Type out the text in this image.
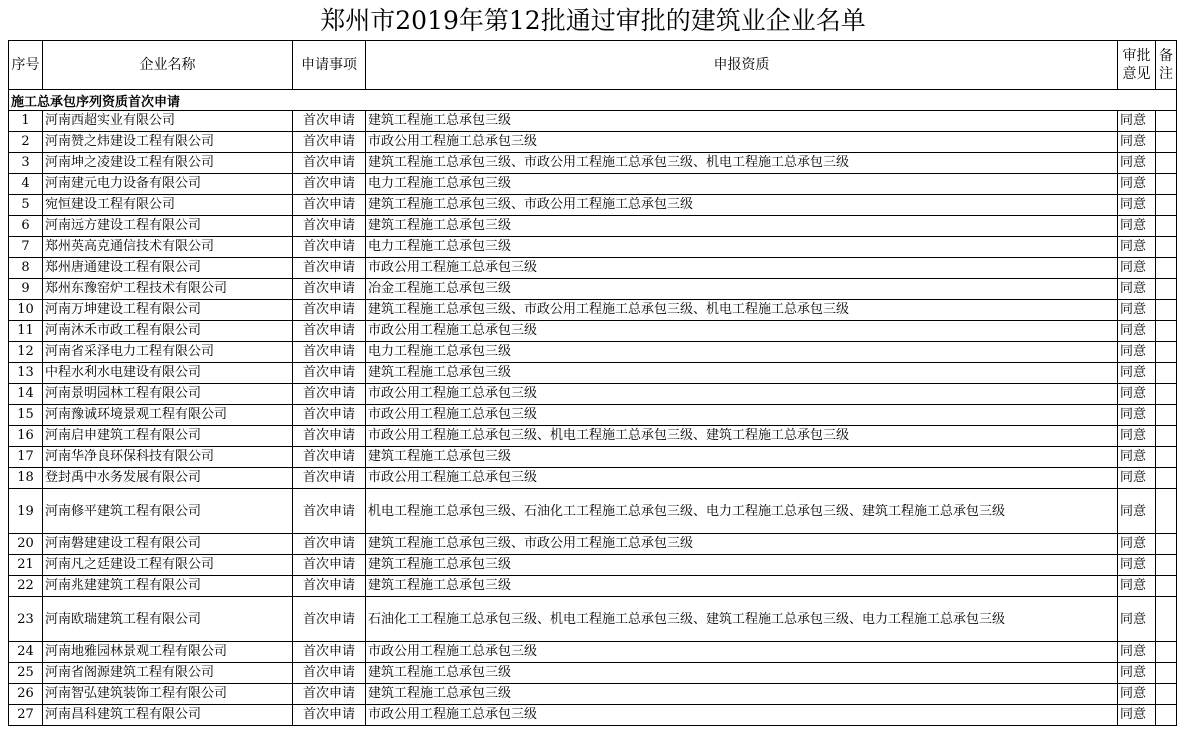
郑州市2019年第12批通过审批的建筑业企业名单
序号	企业名称	申请事项	申报资质	审批意见	备注
施工总承包序列资质首次申请					
1	河南西超实业有限公司	首次申请	建筑工程施工总承包三级	同意	
2	河南赞之炜建设工程有限公司	首次申请	市政公用工程施工总承包三级	同意	
3	河南坤之凌建设工程有限公司	首次申请	建筑工程施工总承包三级、市政公用工程施工总承包三级、机电工程施工总承包三级	同意	
4	河南建元电力设备有限公司	首次申请	电力工程施工总承包三级	同意	
5	宛恒建设工程有限公司	首次申请	建筑工程施工总承包三级、市政公用工程施工总承包三级	同意	
6	河南远方建设工程有限公司	首次申请	建筑工程施工总承包三级	同意	
7	郑州英高克通信技术有限公司	首次申请	电力工程施工总承包三级	同意	
8	郑州唐通建设工程有限公司	首次申请	市政公用工程施工总承包三级	同意	
9	郑州东豫窑炉工程技术有限公司	首次申请	冶金工程施工总承包三级	同意	
10	河南万坤建设工程有限公司	首次申请	建筑工程施工总承包三级、市政公用工程施工总承包三级、机电工程施工总承包三级	同意	
11	河南沐禾市政工程有限公司	首次申请	市政公用工程施工总承包三级	同意	
12	河南省采泽电力工程有限公司	首次申请	电力工程施工总承包三级	同意	
13	中程水利水电建设有限公司	首次申请	建筑工程施工总承包三级	同意	
14	河南景明园林工程有限公司	首次申请	市政公用工程施工总承包三级	同意	
15	河南豫诚环境景观工程有限公司	首次申请	市政公用工程施工总承包三级	同意	
16	河南启申建筑工程有限公司	首次申请	市政公用工程施工总承包三级、机电工程施工总承包三级、建筑工程施工总承包三级	同意	
17	河南华净良环保科技有限公司	首次申请	建筑工程施工总承包三级	同意	
18	登封禹中水务发展有限公司	首次申请	市政公用工程施工总承包三级	同意	
19	河南修平建筑工程有限公司	首次申请	机电工程施工总承包三级、石油化工工程施工总承包三级、电力工程施工总承包三级、建筑工程施工总承包三级	同意	
20	河南磐建建设工程有限公司	首次申请	建筑工程施工总承包三级、市政公用工程施工总承包三级	同意	
21	河南凡之廷建设工程有限公司	首次申请	建筑工程施工总承包三级	同意	
22	河南兆建建筑工程有限公司	首次申请	建筑工程施工总承包三级	同意	
23	河南欧瑞建筑工程有限公司	首次申请	石油化工工程施工总承包三级、机电工程施工总承包三级、建筑工程施工总承包三级、电力工程施工总承包三级	同意	
24	河南地雅园林景观工程有限公司	首次申请	市政公用工程施工总承包三级	同意	
25	河南省阁源建筑工程有限公司	首次申请	建筑工程施工总承包三级	同意	
26	河南智弘建筑装饰工程有限公司	首次申请	建筑工程施工总承包三级	同意	
27	河南昌科建筑工程有限公司	首次申请	市政公用工程施工总承包三级	同意	
